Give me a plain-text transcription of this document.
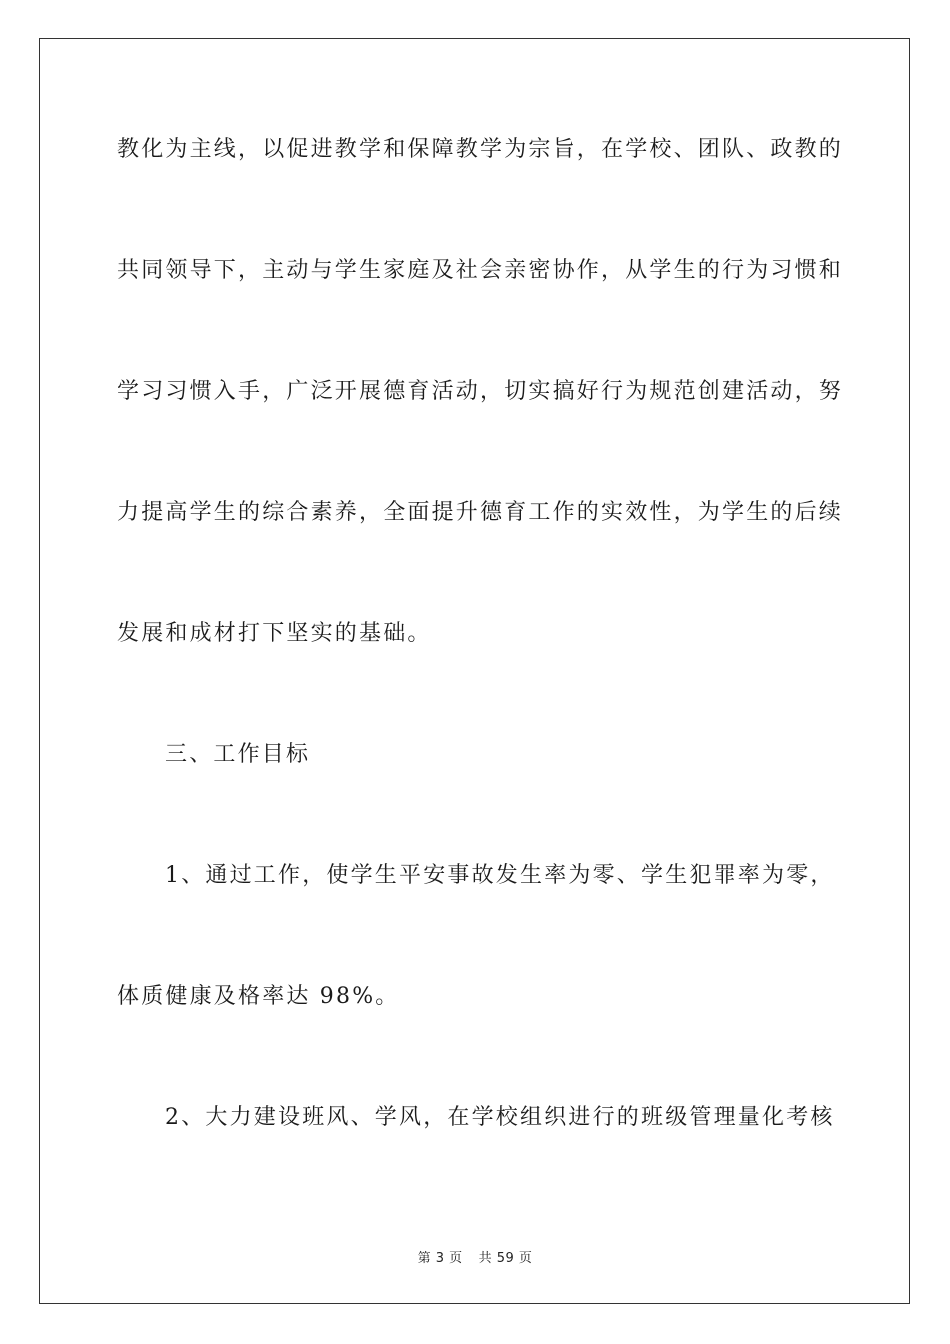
教化为主线，以促进教学和保障教学为宗旨，在学校、团队、政教的
共同领导下，主动与学生家庭及社会亲密协作，从学生的行为习惯和
学习习惯入手，广泛开展德育活动，切实搞好行为规范创建活动，努
力提高学生的综合素养，全面提升德育工作的实效性，为学生的后续
发展和成材打下坚实的基础。
三、工作目标
1、通过工作，使学生平安事故发生率为零、学生犯罪率为零，
体质健康及格率达 98%。
2、大力建设班风、学风，在学校组织进行的班级管理量化考核
第 3 页 共 59 页
